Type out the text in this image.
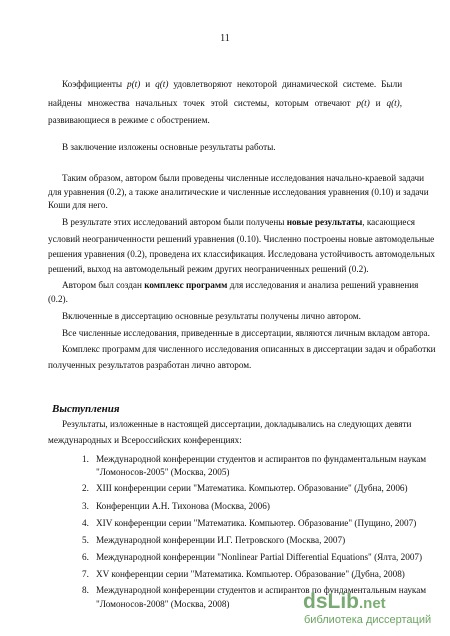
11
Коэффициенты p(t) и q(t) удовлетворяют некоторой динамической системе. Были
найдены множества начальных точек этой системы, которым отвечают p(t) и q(t),
развивающиеся в режиме с обострением.
В заключение изложены основные результаты работы.
Таким образом, автором были проведены численные исследования начально-краевой задачи
для уравнения (0.2), а также аналитические и численные исследования уравнения (0.10) и задачи
Коши для него.
В результате этих исследований автором были получены новые результаты, касающиеся
условий неограниченности решений уравнения (0.10). Численно построены новые автомодельные
решения уравнения (0.2), проведена их классификация. Исследована устойчивость автомодельных
решений, выход на автомодельный режим других неограниченных решений (0.2).
Автором был создан комплекс программ для исследования и анализа решений уравнения
(0.2).
Включенные в диссертацию основные результаты получены лично автором.
Все численные исследования, приведенные в диссертации, являются личным вкладом автора.
Комплекс программ для численного исследования описанных в диссертации задач и обработки
полученных результатов разработан лично автором.
Выступления
Результаты, изложенные в настоящей диссертации, докладывались на следующих девяти
международных и Всероссийских конференциях:
1. Международной конференции студентов и аспирантов по фундаментальным наукам
"Ломоносов-2005" (Москва, 2005)
2. XIII конференции серии "Математика. Компьютер. Образование" (Дубна, 2006)
3. Конференции А.Н. Тихонова (Москва, 2006)
4. XIV конференции серии "Математика. Компьютер. Образование" (Пущино, 2007)
5. Международной конференции И.Г. Петровского (Москва, 2007)
6. Международной конференции "Nonlinear Partial Differential Equations" (Ялта, 2007)
7. XV конференции серии "Математика. Компьютер. Образование" (Дубна, 2008)
8. Международной конференции студентов и аспирантов по фундаментальным наукам
"Ломоносов-2008" (Москва, 2008)	dsLib.net
библиотека диссертаций
